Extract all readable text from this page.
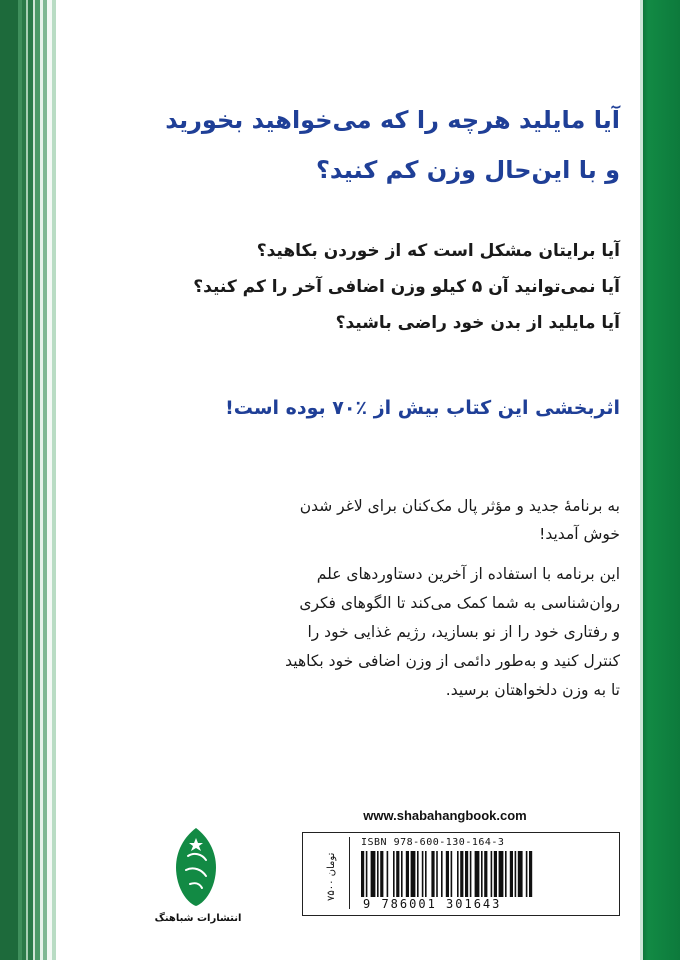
آیا مایلید هرچه را که می‌خواهید بخورید
و با این‌حال وزن کم کنید؟
آیا برایتان مشکل است که از خوردن بکاهید؟
آیا نمی‌توانید آن ۵ کیلو وزن اضافی آخر را کم کنید؟
آیا مایلید از بدن خود راضی باشید؟
اثربخشی این کتاب بیش از ٪۷۰ بوده است!
به برنامهٔ جدید و مؤثر پال مک‌کنان برای لاغر شدن
خوش آمدید!
این برنامه با استفاده از آخرین دستاوردهای علم
روان‌شناسی به شما کمک می‌کند تا الگوهای فکری
و رفتاری خود را از نو بسازید، رژیم غذایی خود را
کنترل کنید و به‌طور دائمی از وزن اضافی خود بکاهید
تا به وزن دلخواهتان برسید.
www.shabahangbook.com
۷۵۰۰ تومان
ISBN 978-600-130-164-3
9 786001 301643
انتشارات شباهنگ
